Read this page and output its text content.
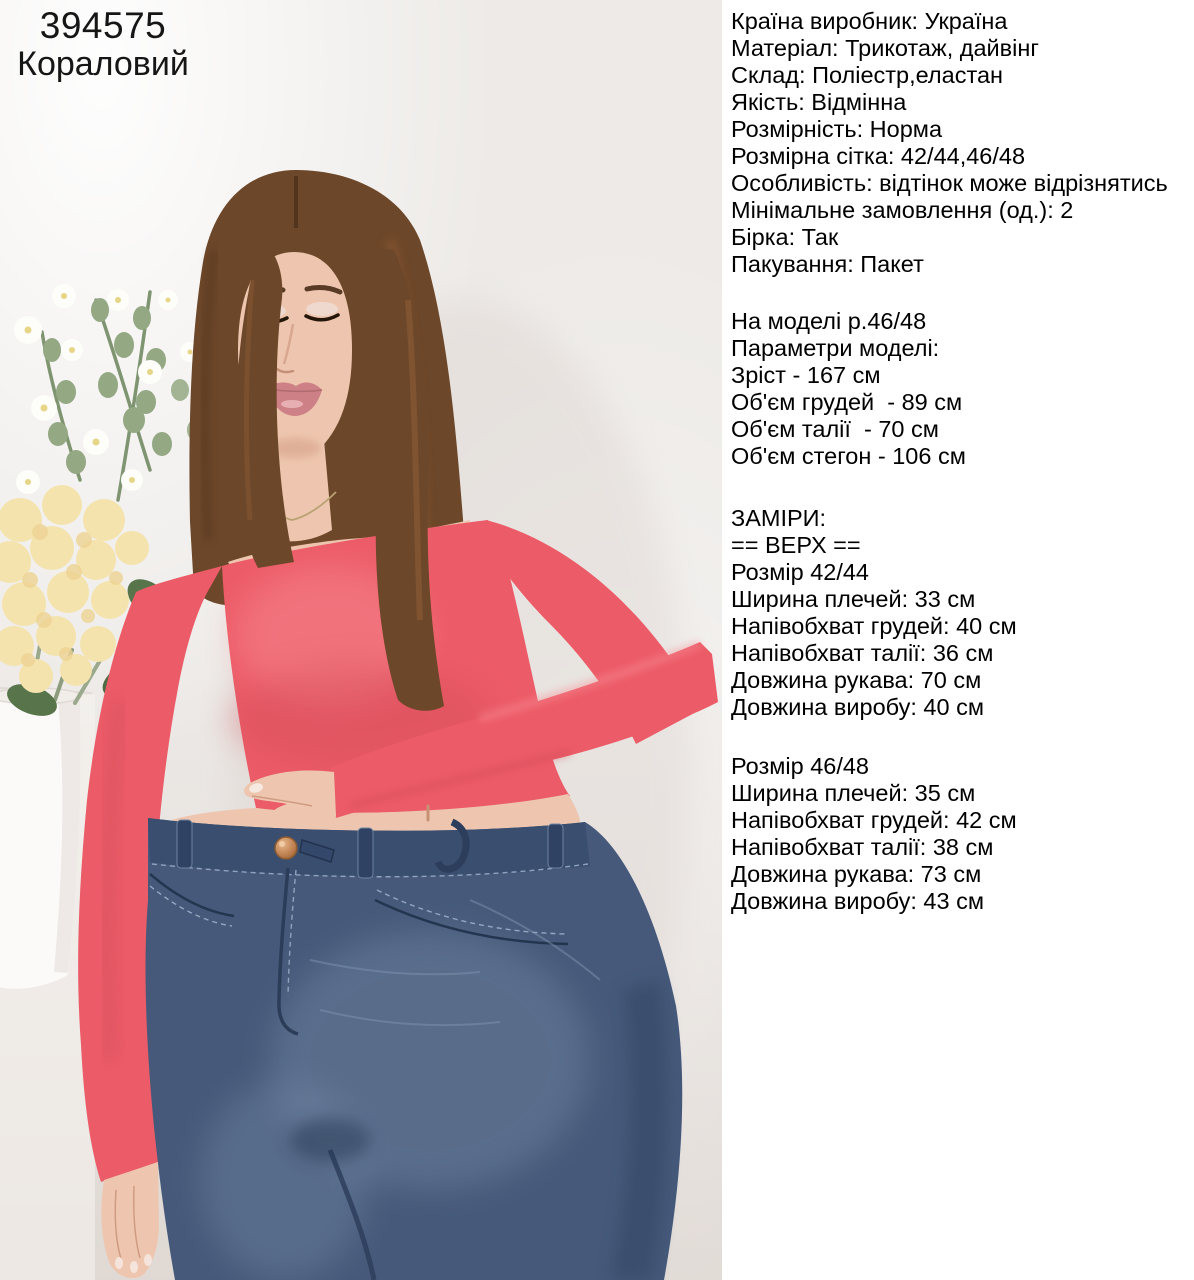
394575
Кораловий
Країна виробник: Україна
Матеріал: Трикотаж, дайвінг
Склад: Поліестр,еластан
Якість: Відмінна
Розмірність: Норма
Розмірна сітка: 42/44,46/48
Особливість: відтінок може відрізнятись
Мінімальне замовлення (од.): 2
Бірка: Так
Пакування: Пакет
На моделі р.46/48
Параметри моделі:
Зріст - 167 см
Об'єм грудей  - 89 см
Об'єм талії  - 70 см
Об'єм стегон - 106 см
ЗАМІРИ:
== ВЕРХ ==
Розмір 42/44
Ширина плечей: 33 см
Напівобхват грудей: 40 см
Напівобхват талії: 36 см
Довжина рукава: 70 см
Довжина виробу: 40 см
Розмір 46/48
Ширина плечей: 35 см
Напівобхват грудей: 42 см
Напівобхват талії: 38 см
Довжина рукава: 73 см
Довжина виробу: 43 см
